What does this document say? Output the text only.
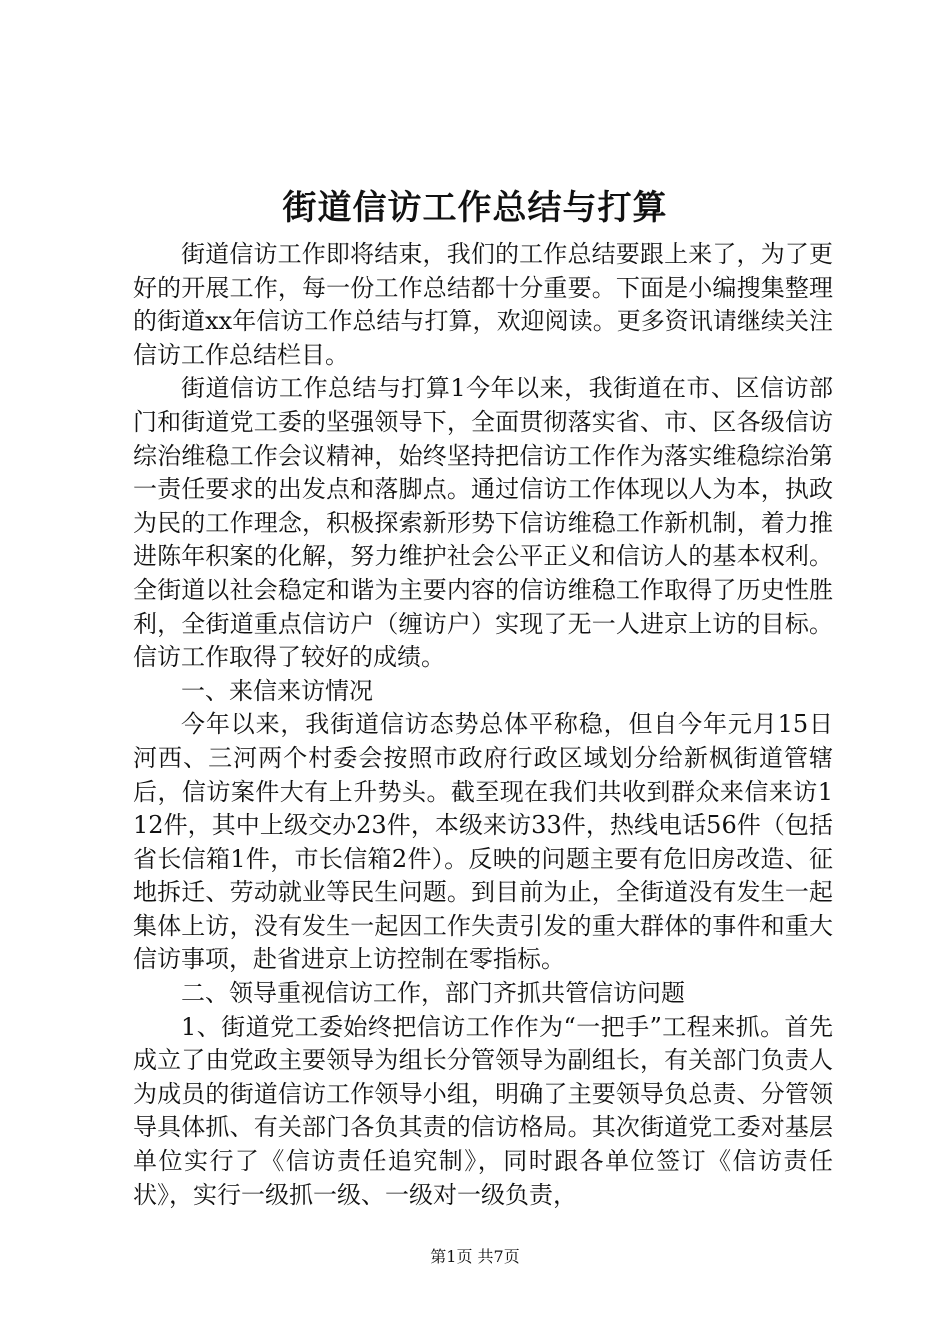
街道信访工作总结与打算

街道信访工作即将结束，我们的工作总结要跟上来了，为了更好的开展工作，每一份工作总结都十分重要。下面是小编搜集整理的街道xx年信访工作总结与打算，欢迎阅读。更多资讯请继续关注信访工作总结栏目。

街道信访工作总结与打算1今年以来，我街道在市、区信访部门和街道党工委的坚强领导下，全面贯彻落实省、市、区各级信访综治维稳工作会议精神，始终坚持把信访工作作为落实维稳综治第一责任要求的出发点和落脚点。通过信访工作体现以人为本，执政为民的工作理念，积极探索新形势下信访维稳工作新机制，着力推进陈年积案的化解，努力维护社会公平正义和信访人的基本权利。全街道以社会稳定和谐为主要内容的信访维稳工作取得了历史性胜利，全街道重点信访户（缠访户）实现了无一人进京上访的目标。信访工作取得了较好的成绩。

一、来信来访情况

今年以来，我街道信访态势总体平称稳，但自今年元月15日河西、三河两个村委会按照市政府行政区域划分给新枫街道管辖后，信访案件大有上升势头。截至现在我们共收到群众来信来访112件，其中上级交办23件，本级来访33件，热线电话56件（包括省长信箱1件，市长信箱2件）。反映的问题主要有危旧房改造、征地拆迁、劳动就业等民生问题。到目前为止，全街道没有发生一起集体上访，没有发生一起因工作失责引发的重大群体的事件和重大信访事项，赴省进京上访控制在零指标。

二、领导重视信访工作，部门齐抓共管信访问题

1、街道党工委始终把信访工作作为“一把手”工程来抓。首先成立了由党政主要领导为组长分管领导为副组长，有关部门负责人为成员的街道信访工作领导小组，明确了主要领导负总责、分管领导具体抓、有关部门各负其责的信访格局。其次街道党工委对基层单位实行了《信访责任追究制》，同时跟各单位签订《信访责任状》，实行一级抓一级、一级对一级负责，

第1页 共7页
